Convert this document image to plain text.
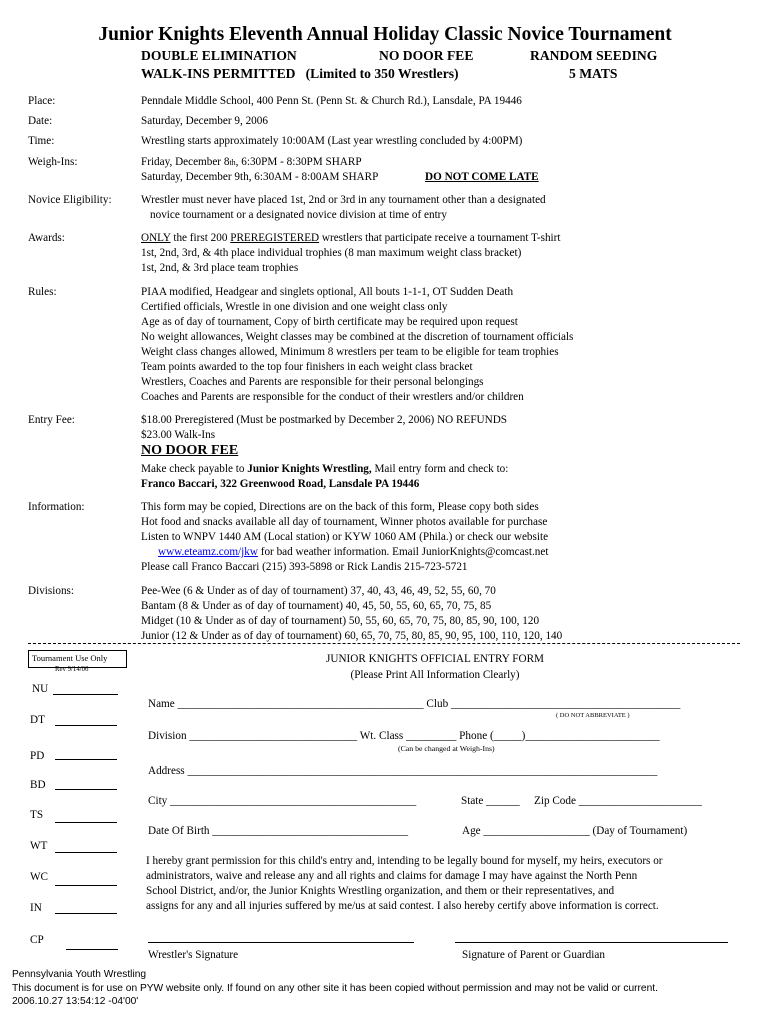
Junior Knights Eleventh Annual Holiday Classic Novice Tournament
DOUBLE ELIMINATION	NO DOOR FEE	RANDOM SEEDING
WALK-INS PERMITTED   (Limited to 350 Wrestlers)	5 MATS
Place:	Penndale Middle School, 400 Penn St. (Penn St. & Church Rd.), Lansdale, PA 19446
Date:	Saturday, December 9, 2006
Time:	Wrestling starts approximately 10:00AM (Last year wrestling concluded by 4:00PM)
Weigh-Ins:	Friday, December 8th, 6:30PM - 8:30PM SHARP
Saturday, December 9th, 6:30AM - 8:00AM SHARP	DO NOT COME LATE
Novice Eligibility:	Wrestler must never have placed 1st, 2nd or 3rd in any tournament other than a designated
novice tournament or a designated novice division at time of entry
Awards:	ONLY the first 200 PREREGISTERED wrestlers that participate receive a tournament T-shirt
1st, 2nd, 3rd, & 4th place individual trophies (8 man maximum weight class bracket)
1st, 2nd, & 3rd place team trophies
Rules:	PIAA modified, Headgear and singlets optional, All bouts 1-1-1, OT Sudden Death
Certified officials, Wrestle in one division and one weight class only
Age as of day of tournament, Copy of birth certificate may be required upon request
No weight allowances, Weight classes may be combined at the discretion of tournament officials
Weight class changes allowed, Minimum 8 wrestlers per team to be eligible for team trophies
Team points awarded to the top four finishers in each weight class bracket
Wrestlers, Coaches and Parents are responsible for their personal belongings
Coaches and Parents are responsible for the conduct of their wrestlers and/or children
Entry Fee:	$18.00 Preregistered (Must be postmarked by December 2, 2006) NO REFUNDS
$23.00 Walk-Ins
NO DOOR FEE
Make check payable to Junior Knights Wrestling, Mail entry form and check to:
Franco Baccari, 322 Greenwood Road, Lansdale PA 19446
Information:	This form may be copied, Directions are on the back of this form, Please copy both sides
Hot food and snacks available all day of tournament, Winner photos available for purchase
Listen to WNPV 1440 AM (Local station) or KYW 1060 AM (Phila.) or check our website
www.eteamz.com/jkw for bad weather information. Email JuniorKnights@comcast.net
Please call Franco Baccari (215) 393-5898 or Rick Landis 215-723-5721
Divisions:	Pee-Wee (6 & Under as of day of tournament) 37, 40, 43, 46, 49, 52, 55, 60, 70
Bantam (8 & Under as of day of tournament) 40, 45, 50, 55, 60, 65, 70, 75, 85
Midget (10 & Under as of day of tournament) 50, 55, 60, 65, 70, 75, 80, 85, 90, 100, 120
Junior (12 & Under as of day of tournament) 60, 65, 70, 75, 80, 85, 90, 95, 100, 110, 120, 140
Tournament Use Only
Rev 9/14/06
NU
DT
PD
BD
TS
WT
WC
IN
CP
JUNIOR KNIGHTS OFFICIAL ENTRY FORM
(Please Print All Information Clearly)
Name ____________________________________________ Club _________________________________________
( DO NOT ABBREVIATE )
Division ______________________________ Wt. Class _________ Phone (_____)________________________
(Can be changed at Weigh-Ins)
Address ____________________________________________________________________________________
City ____________________________________________	State ______ Zip Code ______________________
Date Of Birth ___________________________________	Age ___________________ (Day of Tournament)
I hereby grant permission for this child's entry and, intending to be legally bound for myself, my heirs, executors or
administrators, waive and release any and all rights and claims for damage I may have against the North Penn
School District, and/or, the Junior Knights Wrestling organization, and them or their representatives, and
assigns for any and all injuries suffered by me/us at said contest. I also hereby certify above information is correct.
Wrestler's Signature	Signature of Parent or Guardian
Pennsylvania Youth Wrestling
This document is for use on PYW website only. If found on any other site it has been copied without permission and may not be valid or current.
2006.10.27 13:54:12 -04'00'
